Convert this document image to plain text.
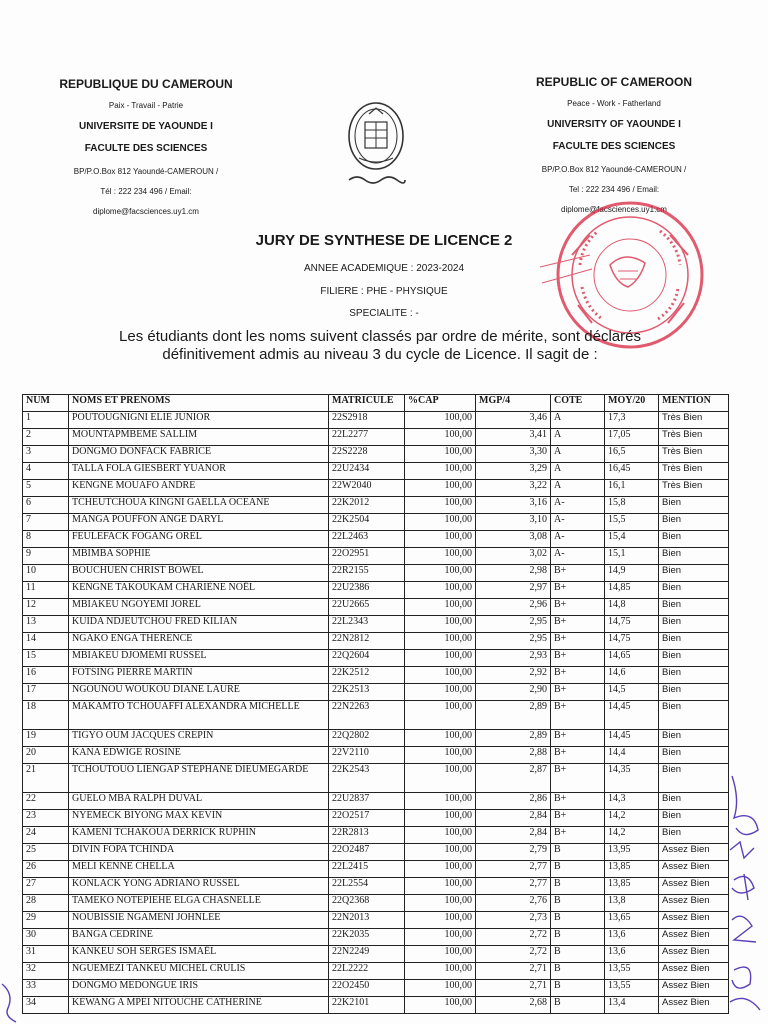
REPUBLIQUE DU CAMEROUN
Paix - Travail - Patrie
UNIVERSITE DE YAOUNDE I
FACULTE DES SCIENCES
BP/P.O.Box 812 Yaoundé-CAMEROUN /
Tél : 222 234 496 / Email:
diplome@facsciences.uy1.cm
REPUBLIC OF CAMEROON
Peace - Work - Fatherland
UNIVERSITY OF YAOUNDE I
FACULTE DES SCIENCES
BP/P.O.Box 812 Yaoundé-CAMEROUN /
Tel : 222 234 496 / Email:
diplome@facsciences.uy1.cm
JURY DE SYNTHESE DE LICENCE 2
ANNEE ACADEMIQUE : 2023-2024
FILIERE : PHE - PHYSIQUE
SPECIALITE : -
Les étudiants dont les noms suivent classés par ordre de mérite, sont déclarés
définitivement admis au niveau 3 du cycle de Licence. Il sagit de :
NUM	NOMS ET PRENOMS	MATRICULE	%CAP	MGP/4	COTE	MOY/20	MENTION
1	POUTOUGNIGNI ELIE JUNIOR	22S2918	100,00	3,46	A	17,3	Très Bien
2	MOUNTAPMBEME SALLIM	22L2277	100,00	3,41	A	17,05	Très Bien
3	DONGMO DONFACK FABRICE	22S2228	100,00	3,30	A	16,5	Très Bien
4	TALLA FOLA GIESBERT YUANOR	22U2434	100,00	3,29	A	16,45	Très Bien
5	KENGNE MOUAFO ANDRE	22W2040	100,00	3,22	A	16,1	Très Bien
6	TCHEUTCHOUA KINGNI GAELLA OCEANE	22K2012	100,00	3,16	A-	15,8	Bien
7	MANGA POUFFON ANGE DARYL	22K2504	100,00	3,10	A-	15,5	Bien
8	FEULEFACK FOGANG OREL	22L2463	100,00	3,08	A-	15,4	Bien
9	MBIMBA SOPHIE	22O2951	100,00	3,02	A-	15,1	Bien
10	BOUCHUEN CHRIST BOWEL	22R2155	100,00	2,98	B+	14,9	Bien
11	KENGNE TAKOUKAM CHARIÈNE NOËL	22U2386	100,00	2,97	B+	14,85	Bien
12	MBIAKEU NGOYEMI JOREL	22U2665	100,00	2,96	B+	14,8	Bien
13	KUIDA NDJEUTCHOU FRED KILIAN	22L2343	100,00	2,95	B+	14,75	Bien
14	NGAKO ENGA THERENCE	22N2812	100,00	2,95	B+	14,75	Bien
15	MBIAKEU DJOMEMI RUSSEL	22Q2604	100,00	2,93	B+	14,65	Bien
16	FOTSING PIERRE MARTIN	22K2512	100,00	2,92	B+	14,6	Bien
17	NGOUNOU WOUKOU DIANE LAURE	22K2513	100,00	2,90	B+	14,5	Bien
18	MAKAMTO TCHOUAFFI ALEXANDRA MICHELLE	22N2263	100,00	2,89	B+	14,45	Bien
19	TIGYO OUM JACQUES CREPIN	22Q2802	100,00	2,89	B+	14,45	Bien
20	KANA EDWIGE ROSINE	22V2110	100,00	2,88	B+	14,4	Bien
21	TCHOUTOUO LIENGAP STEPHANE DIEUMEGARDE	22K2543	100,00	2,87	B+	14,35	Bien
22	GUELO MBA RALPH DUVAL	22U2837	100,00	2,86	B+	14,3	Bien
23	NYEMECK BIYONG MAX KEVIN	22O2517	100,00	2,84	B+	14,2	Bien
24	KAMENI TCHAKOUA DERRICK RUPHIN	22R2813	100,00	2,84	B+	14,2	Bien
25	DIVIN FOPA TCHINDA	22O2487	100,00	2,79	B	13,95	Assez Bien
26	MELI KENNE CHELLA	22L2415	100,00	2,77	B	13,85	Assez Bien
27	KONLACK YONG ADRIANO RUSSEL	22L2554	100,00	2,77	B	13,85	Assez Bien
28	TAMEKO NOTEPIEHE ELGA CHASNELLE	22Q2368	100,00	2,76	B	13,8	Assez Bien
29	NOUBISSIE NGAMENI JOHNLEE	22N2013	100,00	2,73	B	13,65	Assez Bien
30	BANGA CEDRINE	22K2035	100,00	2,72	B	13,6	Assez Bien
31	KANKEU SOH SERGES ISMAËL	22N2249	100,00	2,72	B	13,6	Assez Bien
32	NGUEMEZI TANKEU MICHEL CRULIS	22L2222	100,00	2,71	B	13,55	Assez Bien
33	DONGMO MEDONGUE IRIS	22O2450	100,00	2,71	B	13,55	Assez Bien
34	KEWANG A MPEI NITOUCHE CATHERINE	22K2101	100,00	2,68	B	13,4	Assez Bien
